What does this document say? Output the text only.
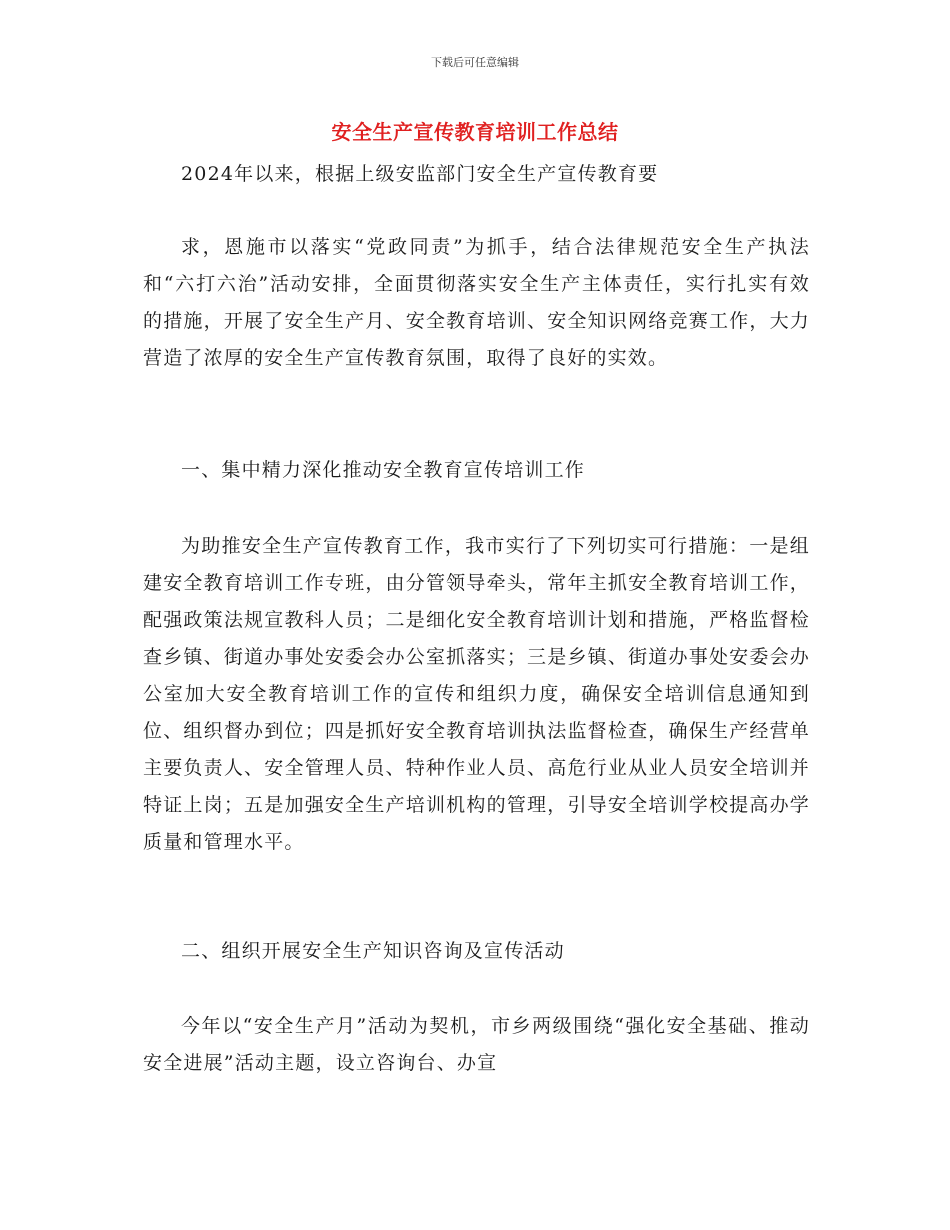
下载后可任意编辑
安全生产宣传教育培训工作总结

2024年以来，根据上级安监部门安全生产宣传教育要

求，恩施市以落实“党政同责”为抓手，结合法律规范安全生产执法和“六打六治”活动安排，全面贯彻落实安全生产主体责任，实行扎实有效的措施，开展了安全生产月、安全教育培训、安全知识网络竞赛工作，大力营造了浓厚的安全生产宣传教育氛围，取得了良好的实效。

一、集中精力深化推动安全教育宣传培训工作

为助推安全生产宣传教育工作，我市实行了下列切实可行措施：一是组建安全教育培训工作专班，由分管领导牵头，常年主抓安全教育培训工作，配强政策法规宣教科人员；二是细化安全教育培训计划和措施，严格监督检查乡镇、街道办事处安委会办公室抓落实；三是乡镇、街道办事处安委会办公室加大安全教育培训工作的宣传和组织力度，确保安全培训信息通知到位、组织督办到位；四是抓好安全教育培训执法监督检查，确保生产经营单主要负责人、安全管理人员、特种作业人员、高危行业从业人员安全培训并特证上岗；五是加强安全生产培训机构的管理，引导安全培训学校提高办学质量和管理水平。

二、组织开展安全生产知识咨询及宣传活动

今年以“安全生产月”活动为契机，市乡两级围绕“强化安全基础、推动安全进展”活动主题，设立咨询台、办宣
